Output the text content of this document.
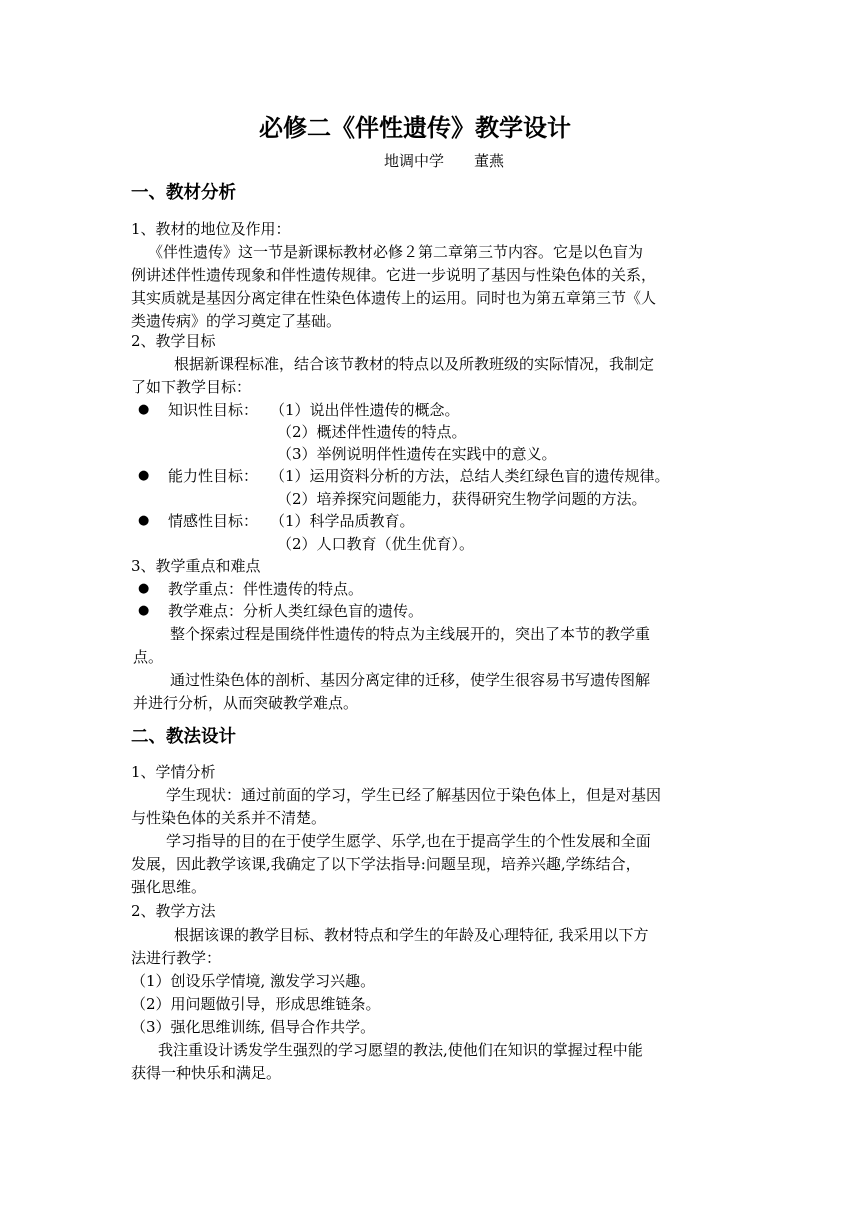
必修二《伴性遗传》教学设计
地调中学　　董燕
一、教材分析

1、教材的地位及作用：

《伴性遗传》这一节是新课标教材必修２第二章第三节内容。它是以色盲为

例讲述伴性遗传现象和伴性遗传规律。它进一步说明了基因与性染色体的关系，

其实质就是基因分离定律在性染色体遗传上的运用。同时也为第五章第三节《人

类遗传病》的学习奠定了基础。

2、教学目标

根据新课程标准，结合该节教材的特点以及所教班级的实际情况，我制定

了如下教学目标：

● 知识性目标： （1）说出伴性遗传的概念。

（2）概述伴性遗传的特点。

（3）举例说明伴性遗传在实践中的意义。

● 能力性目标： （1）运用资料分析的方法，总结人类红绿色盲的遗传规律。

（2）培养探究问题能力，获得研究生物学问题的方法。

● 情感性目标： （1）科学品质教育。

（2）人口教育（优生优育）。

3、教学重点和难点

● 教学重点：伴性遗传的特点。

● 教学难点：分析人类红绿色盲的遗传。

整个探索过程是围绕伴性遗传的特点为主线展开的，突出了本节的教学重

点。

通过性染色体的剖析、基因分离定律的迁移，使学生很容易书写遗传图解

并进行分析，从而突破教学难点。

二、教法设计

1、学情分析

学生现状：通过前面的学习，学生已经了解基因位于染色体上，但是对基因

与性染色体的关系并不清楚。

学习指导的目的在于使学生愿学、乐学,也在于提高学生的个性发展和全面

发展，因此教学该课,我确定了以下学法指导:问题呈现，培养兴趣,学练结合，

强化思维。

2、教学方法

根据该课的教学目标、教材特点和学生的年龄及心理特征, 我采用以下方

法进行教学：

（1）创设乐学情境, 激发学习兴趣。

（2）用问题做引导，形成思维链条。

（3）强化思维训练, 倡导合作共学。

我注重设计诱发学生强烈的学习愿望的教法,使他们在知识的掌握过程中能

获得一种快乐和满足。
